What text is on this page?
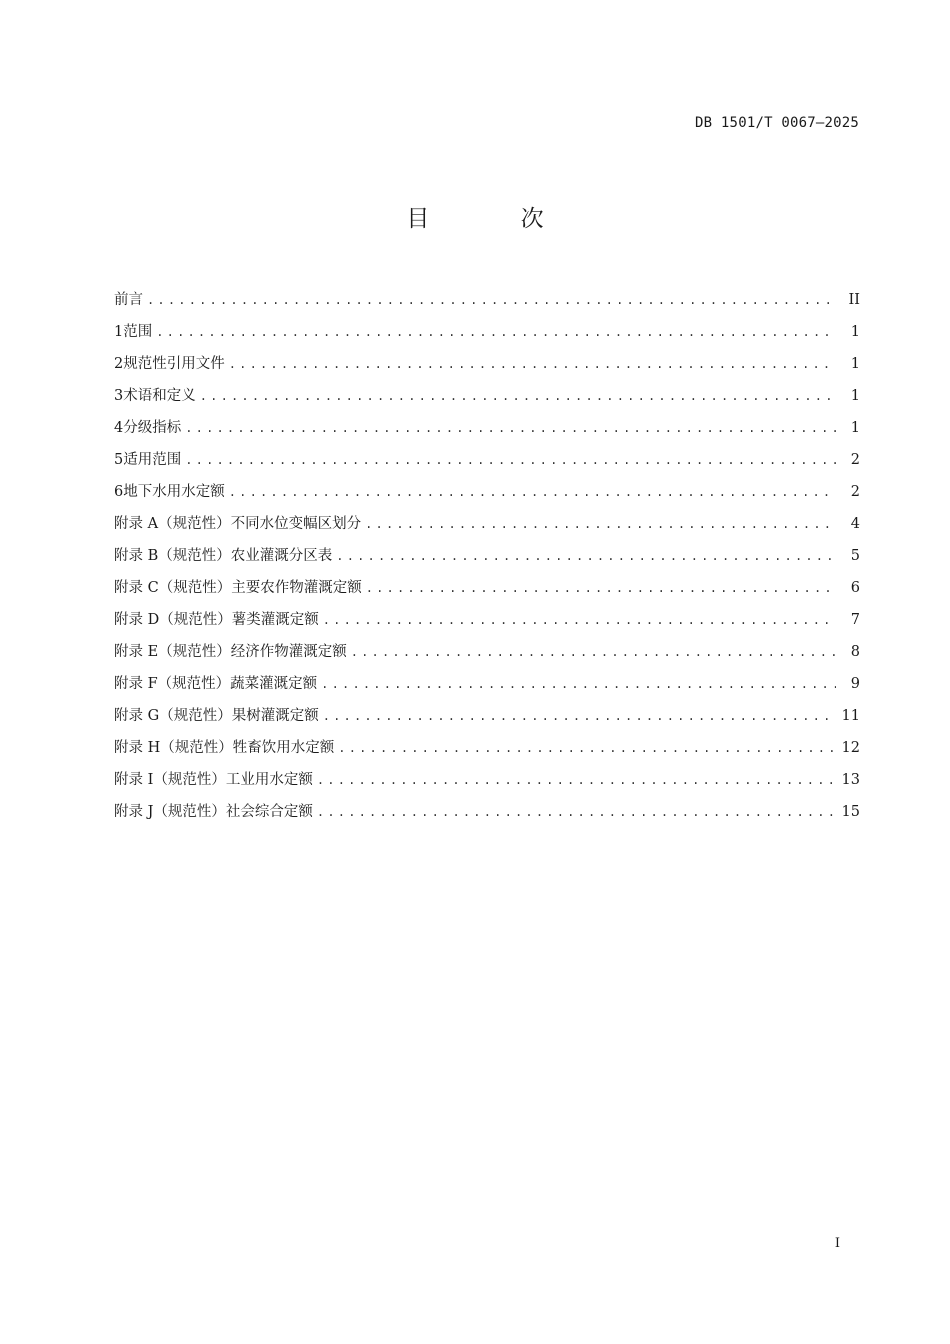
DB 1501/T 0067—2025
目 次
前言 .....	II
1 范围 .....	1
2 规范性引用文件 .....	1
3 术语和定义 .....	1
4 分级指标 .....	1
5 适用范围 .....	2
6 地下水用水定额 .....	2
附录 A（规范性） 不同水位变幅区划分 .....	4
附录 B（规范性） 农业灌溉分区表 .....	5
附录 C（规范性） 主要农作物灌溉定额 .....	6
附录 D（规范性） 薯类灌溉定额 .....	7
附录 E（规范性） 经济作物灌溉定额 .....	8
附录 F（规范性） 蔬菜灌溉定额 .....	9
附录 G（规范性） 果树灌溉定额 .....	11
附录 H（规范性） 牲畜饮用水定额 .....	12
附录 I（规范性） 工业用水定额 .....	13
附录 J（规范性） 社会综合定额 .....	15
I
